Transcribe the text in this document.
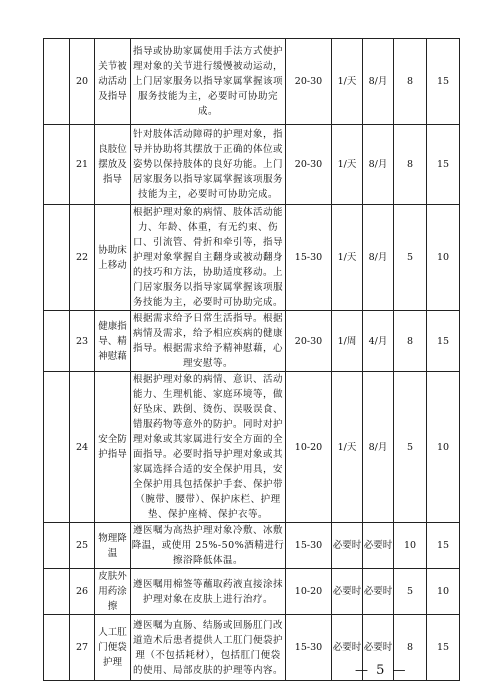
	20	关节被动活动及指导	指导或协助家属使用手法方式使护理对象的关节进行缓慢被动运动，上门居家服务以指导家属掌握该项服务技能为主，必要时可协助完成。	20-30	1/天	8/月	8	15
	21	良肢位摆放及指导	针对肢体活动障碍的护理对象，指导并协助将其摆放于正确的体位或姿势以保持肢体的良好功能。上门居家服务以指导家属掌握该项服务技能为主，必要时可协助完成。	20-30	1/天	8/月	8	15
	22	协助床上移动	根据护理对象的病情、肢体活动能力、年龄、体重，有无约束、伤口、引流管、骨折和牵引等，指导护理对象掌握自主翻身或被动翻身的技巧和方法，协助适度移动。上门居家服务以指导家属掌握该项服务技能为主，必要时可协助完成。	15-30	1/天	8/月	5	10
	23	健康指导、精神慰藉	根据需求给予日常生活指导。根据病情及需求，给予相应疾病的健康指导。根据需求给予精神慰藉，心理安慰等。	20-30	1/周	4/月	8	15
	24	安全防护指导	根据护理对象的病情、意识、活动能力、生理机能、家庭环境等，做好坠床、跌倒、烫伤、误吸误食、错服药物等意外的防护。同时对护理对象或其家属进行安全方面的全面指导。必要时指导护理对象或其家属选择合适的安全保护用具，安全保护用具包括保护手套、保护带（腕带、腰带）、保护床栏、护理垫、保护座椅、保护衣等。	10-20	1/天	8/月	5	10
	25	物理降温	遵医嘱为高热护理对象冷敷、冰敷降温，或使用 25%-50%酒精进行擦浴降低体温。	15-30	必要时	必要时	10	15
	26	皮肤外用药涂擦	遵医嘱用棉签等蘸取药液直接涂抹护理对象在皮肤上进行治疗。	10-20	必要时	必要时	5	10
	27	人工肛门便袋护理	遵医嘱为直肠、结肠或回肠肛门改道造术后患者提供人工肛门便袋护理（不包括耗材），包括肛门便袋的使用、局部皮肤的护理等内容。	15-30	必要时	必要时	8	15
— 5 —
